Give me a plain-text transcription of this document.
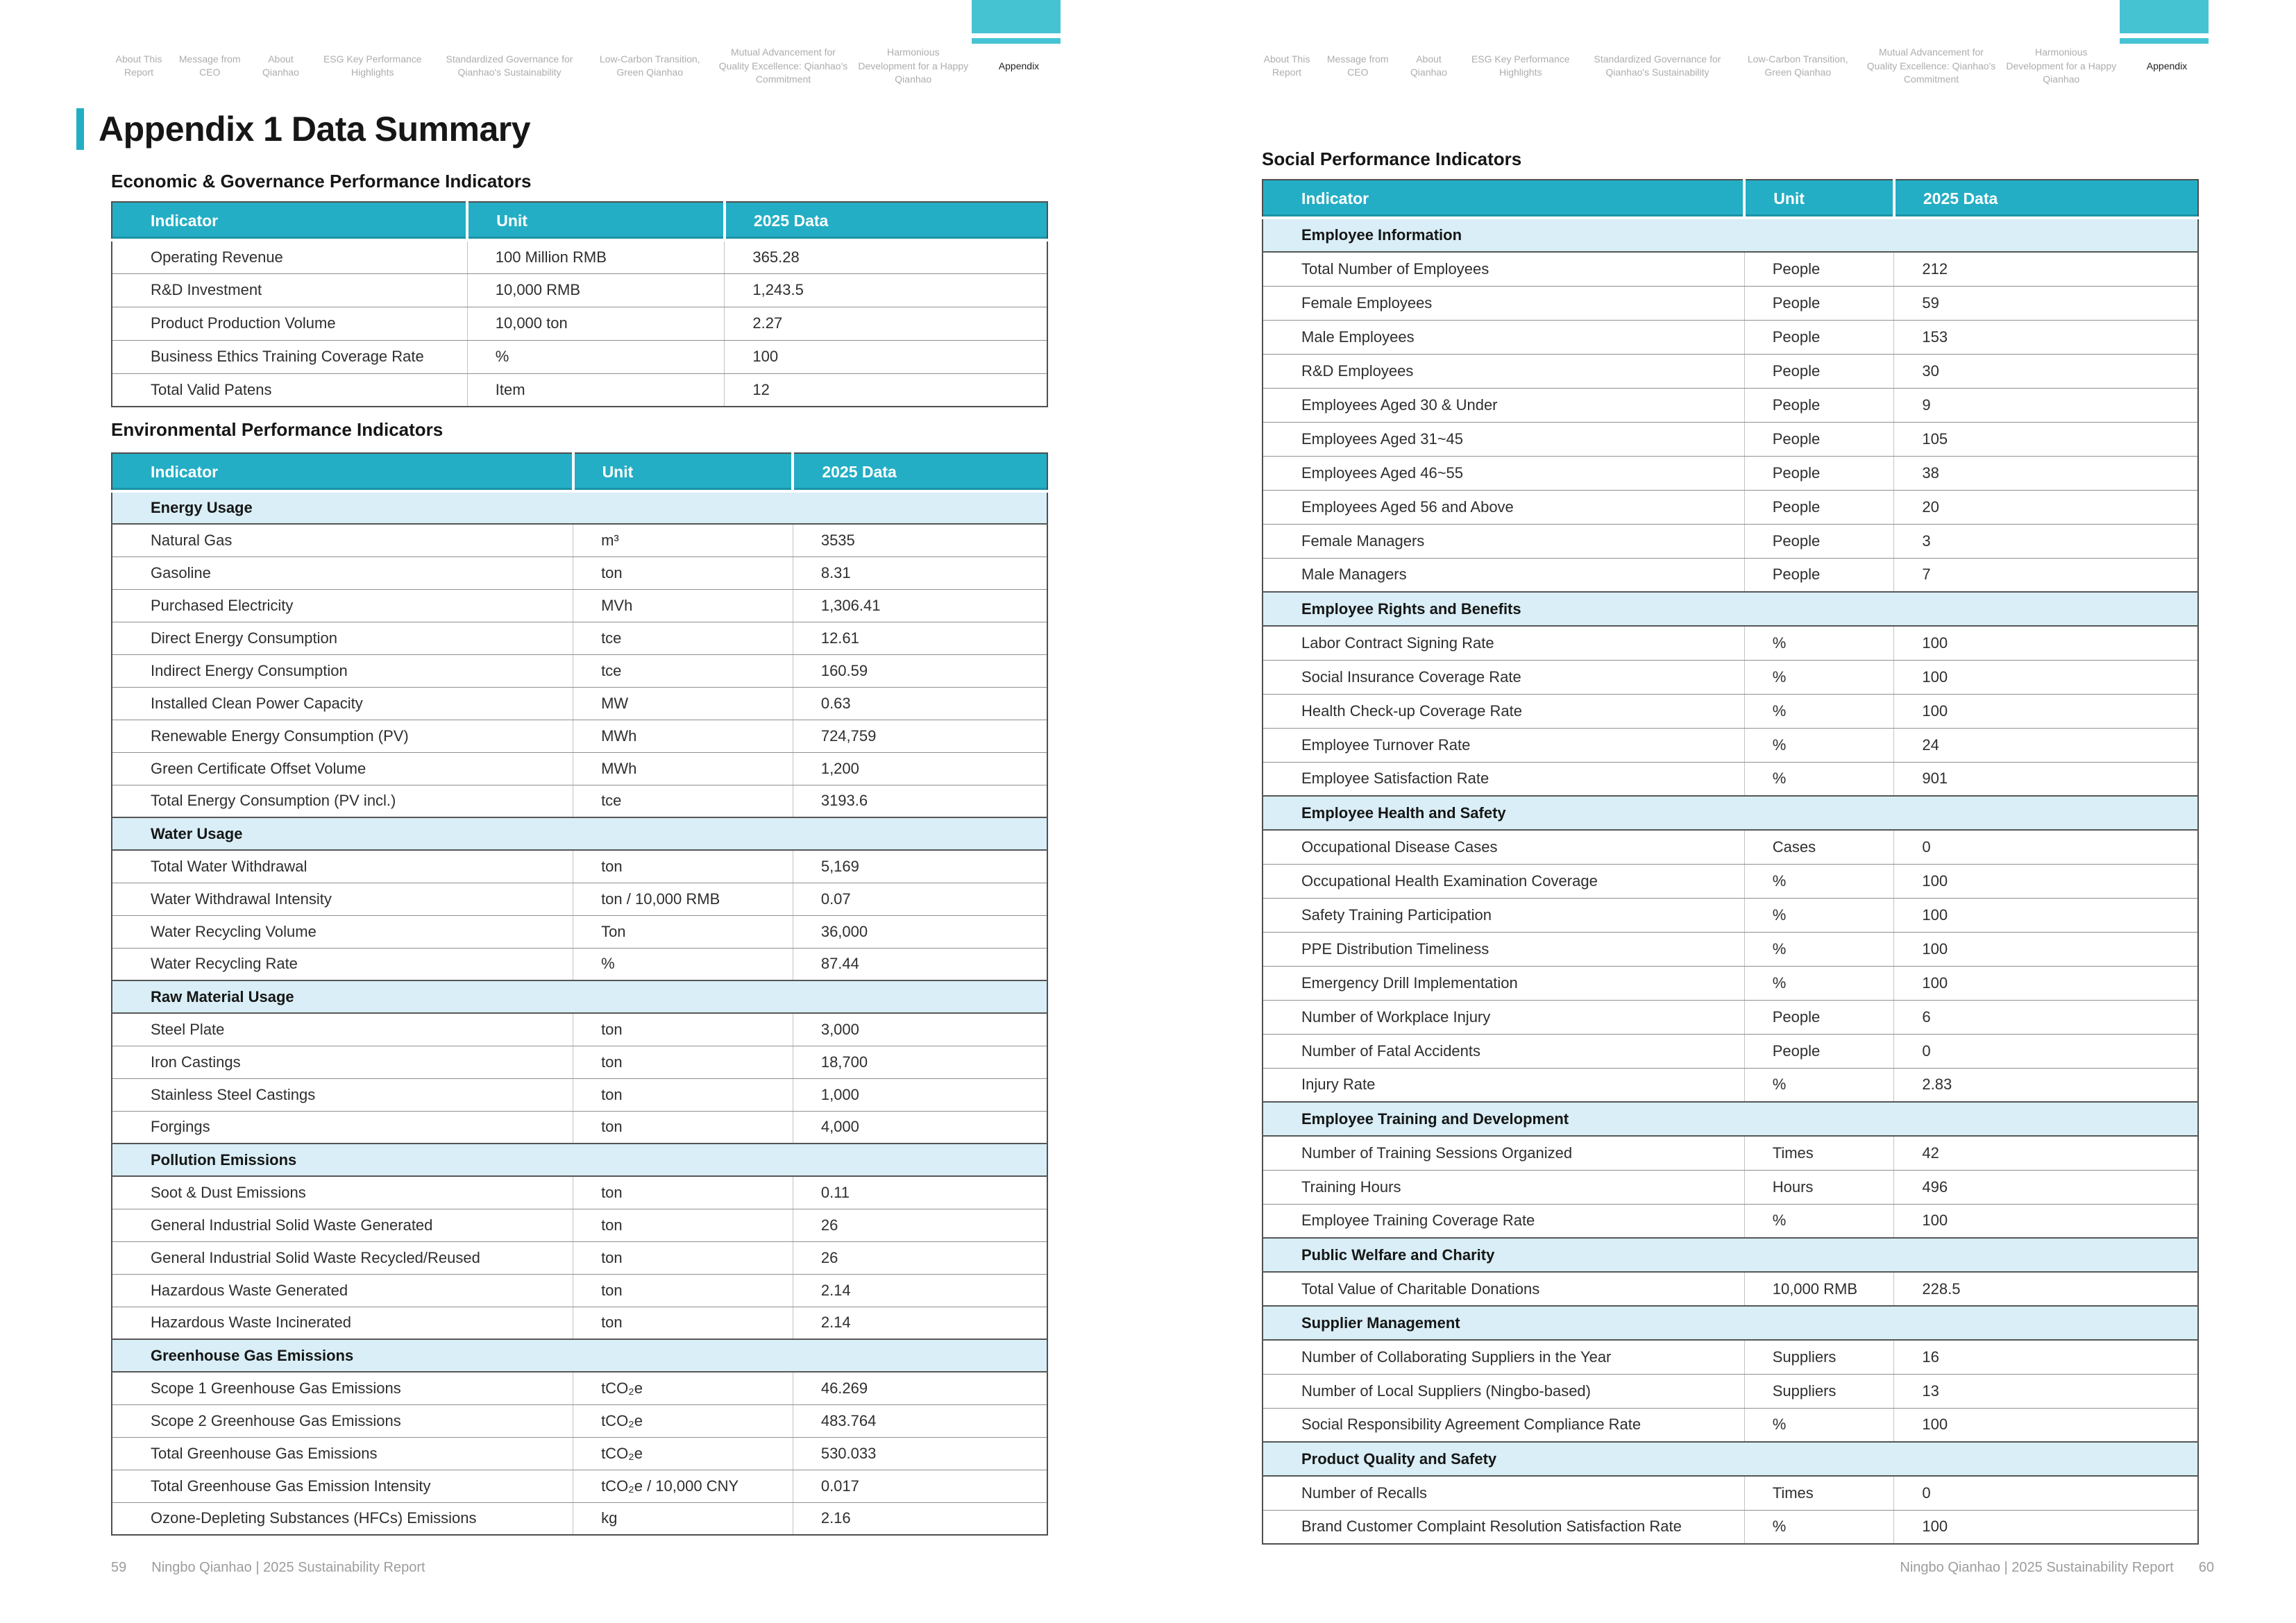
About This Report
Message from CEO
About Qianhao
ESG Key Performance Highlights
Standardized Governance for Qianhao's Sustainability
Low-Carbon Transition, Green Qianhao
Mutual Advancement for Quality Excellence: Qianhao's Commitment
Harmonious Development for a Happy Qianhao
Appendix
Appendix 1 Data Summary
Economic & Governance Performance Indicators
Indicator	Unit	2025 Data
Operating Revenue	100 Million RMB	365.28
R&D Investment	10,000 RMB	1,243.5
Product Production Volume	10,000 ton	2.27
Business Ethics Training Coverage Rate	%	100
Total Valid Patens	Item	12
Environmental Performance Indicators
Indicator	Unit	2025 Data
Energy Usage		
Natural Gas	m³	3535
Gasoline	ton	8.31
Purchased Electricity	MVh	1,306.41
Direct Energy Consumption	tce	12.61
Indirect Energy Consumption	tce	160.59
Installed Clean Power Capacity	MW	0.63
Renewable Energy Consumption (PV)	MWh	724,759
Green Certificate Offset Volume	MWh	1,200
Total Energy Consumption (PV incl.)	tce	3193.6
Water Usage		
Total Water Withdrawal	ton	5,169
Water Withdrawal Intensity	ton / 10,000 RMB	0.07
Water Recycling Volume	Ton	36,000
Water Recycling Rate	%	87.44
Raw Material Usage		
Steel Plate	ton	3,000
Iron Castings	ton	18,700
Stainless Steel Castings	ton	1,000
Forgings	ton	4,000
Pollution Emissions		
Soot & Dust Emissions	ton	0.11
General Industrial Solid Waste Generated	ton	26
General Industrial Solid Waste Recycled/Reused	ton	26
Hazardous Waste Generated	ton	2.14
Hazardous Waste Incinerated	ton	2.14
Greenhouse Gas Emissions		
Scope 1 Greenhouse Gas Emissions	tCO₂e	46.269
Scope 2 Greenhouse Gas Emissions	tCO₂e	483.764
Total Greenhouse Gas Emissions	tCO₂e	530.033
Total Greenhouse Gas Emission Intensity	tCO₂e / 10,000 CNY	0.017
Ozone-Depleting Substances (HFCs) Emissions	kg	2.16
59 Ningbo Qianhao | 2025 Sustainability Report
About This Report
Message from CEO
About Qianhao
ESG Key Performance Highlights
Standardized Governance for Qianhao's Sustainability
Low-Carbon Transition, Green Qianhao
Mutual Advancement for Quality Excellence: Qianhao's Commitment
Harmonious Development for a Happy Qianhao
Appendix
Social Performance Indicators
Indicator	Unit	2025 Data
Employee Information		
Total Number of Employees	People	212
Female Employees	People	59
Male Employees	People	153
R&D Employees	People	30
Employees Aged 30 & Under	People	9
Employees Aged 31~45	People	105
Employees Aged 46~55	People	38
Employees Aged 56 and Above	People	20
Female Managers	People	3
Male Managers	People	7
Employee Rights and Benefits		
Labor Contract Signing Rate	%	100
Social Insurance Coverage Rate	%	100
Health Check-up Coverage Rate	%	100
Employee Turnover Rate	%	24
Employee Satisfaction Rate	%	901
Employee Health and Safety		
Occupational Disease Cases	Cases	0
Occupational Health Examination Coverage	%	100
Safety Training Participation	%	100
PPE Distribution Timeliness	%	100
Emergency Drill Implementation	%	100
Number of Workplace Injury	People	6
Number of Fatal Accidents	People	0
Injury Rate	%	2.83
Employee Training and Development		
Number of Training Sessions Organized	Times	42
Training Hours	Hours	496
Employee Training Coverage Rate	%	100
Public Welfare and Charity		
Total Value of Charitable Donations	10,000 RMB	228.5
Supplier Management		
Number of Collaborating Suppliers in the Year	Suppliers	16
Number of Local Suppliers (Ningbo-based)	Suppliers	13
Social Responsibility Agreement Compliance Rate	%	100
Product Quality and Safety		
Number of Recalls	Times	0
Brand Customer Complaint Resolution Satisfaction Rate	%	100
Ningbo Qianhao | 2025 Sustainability Report 60
